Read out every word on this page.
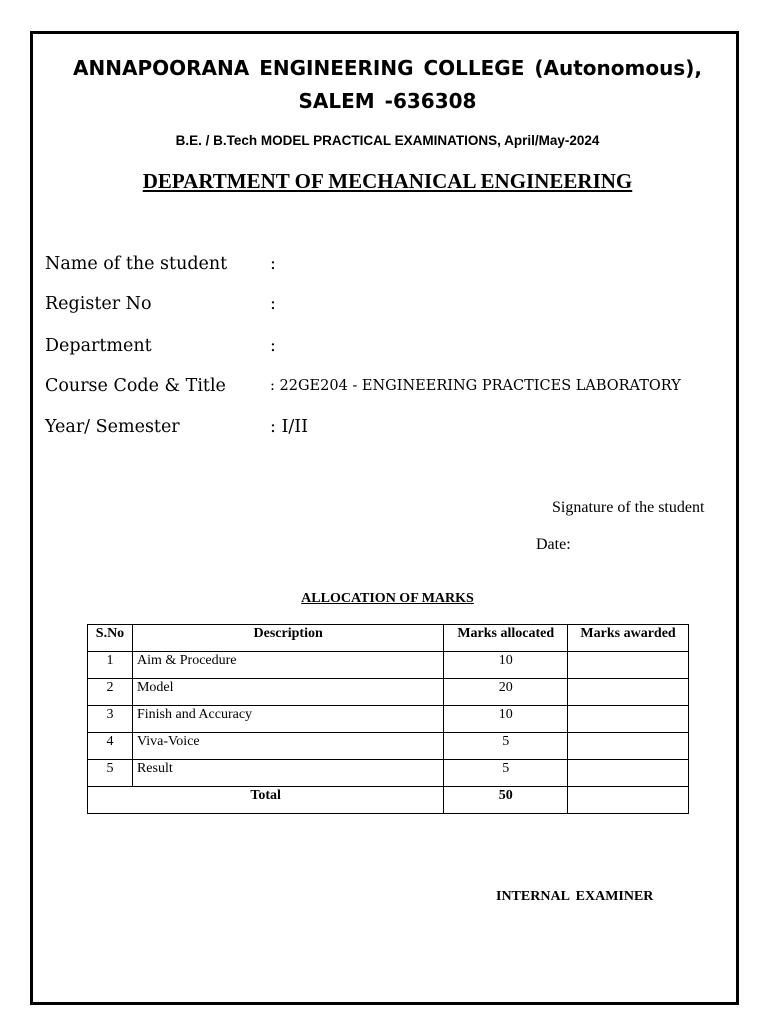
ANNAPOORANA ENGINEERING COLLEGE (Autonomous),
SALEM -636308
B.E. / B.Tech MODEL PRACTICAL EXAMINATIONS, April/May-2024
DEPARTMENT OF MECHANICAL ENGINEERING
Name of the student :
Register No	:
Department	:
Course Code & Title	: 22GE204 - ENGINEERING PRACTICES LABORATORY
Year/ Semester	: I/II
Signature of the student
Date:
ALLOCATION OF MARKS
S.No	Description	Marks allocated	Marks awarded
1	Aim & Procedure	10	
2	Model	20	
3	Finish and Accuracy	10	
4	Viva-Voice	5	
5	Result	5	
Total		50	
INTERNAL EXAMINER
